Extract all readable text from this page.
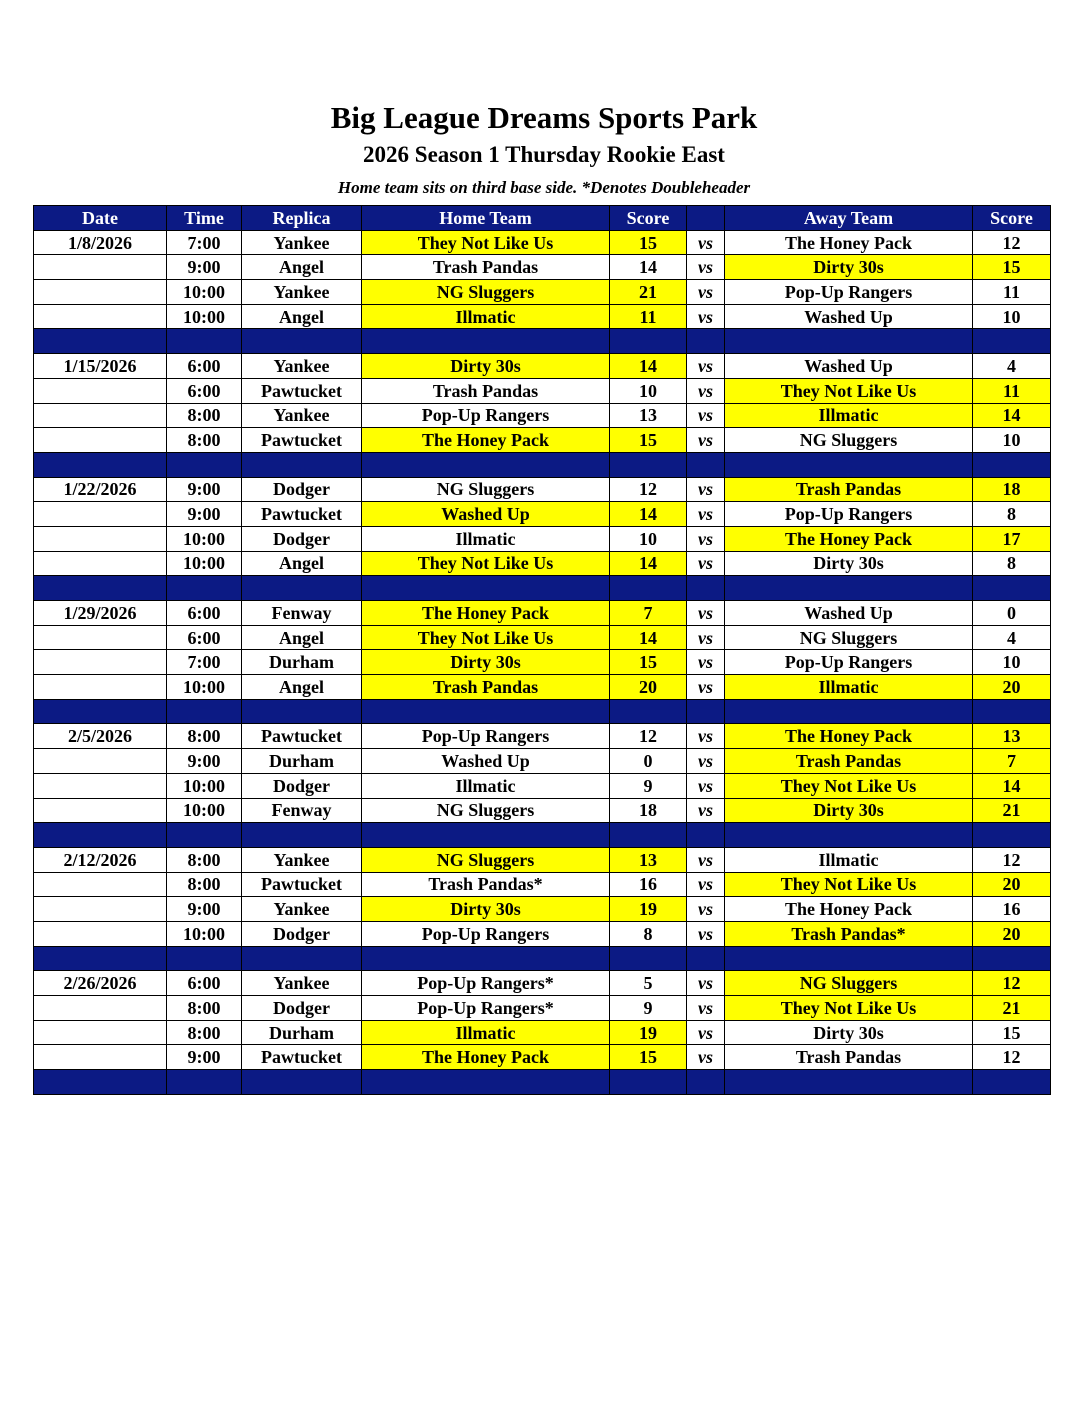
Big League Dreams Sports Park
2026 Season 1 Thursday Rookie East
Home team sits on third base side. *Denotes Doubleheader
Date	Time	Replica	Home Team	Score		Away Team	Score
1/8/2026	7:00	Yankee	They Not Like Us	15	vs	The Honey Pack	12
	9:00	Angel	Trash Pandas	14	vs	Dirty 30s	15
	10:00	Yankee	NG Sluggers	21	vs	Pop-Up Rangers	11
	10:00	Angel	Illmatic	11	vs	Washed Up	10

1/15/2026	6:00	Yankee	Dirty 30s	14	vs	Washed Up	4
	6:00	Pawtucket	Trash Pandas	10	vs	They Not Like Us	11
	8:00	Yankee	Pop-Up Rangers	13	vs	Illmatic	14
	8:00	Pawtucket	The Honey Pack	15	vs	NG Sluggers	10

1/22/2026	9:00	Dodger	NG Sluggers	12	vs	Trash Pandas	18
	9:00	Pawtucket	Washed Up	14	vs	Pop-Up Rangers	8
	10:00	Dodger	Illmatic	10	vs	The Honey Pack	17
	10:00	Angel	They Not Like Us	14	vs	Dirty 30s	8

1/29/2026	6:00	Fenway	The Honey Pack	7	vs	Washed Up	0
	6:00	Angel	They Not Like Us	14	vs	NG Sluggers	4
	7:00	Durham	Dirty 30s	15	vs	Pop-Up Rangers	10
	10:00	Angel	Trash Pandas	20	vs	Illmatic	20

2/5/2026	8:00	Pawtucket	Pop-Up Rangers	12	vs	The Honey Pack	13
	9:00	Durham	Washed Up	0	vs	Trash Pandas	7
	10:00	Dodger	Illmatic	9	vs	They Not Like Us	14
	10:00	Fenway	NG Sluggers	18	vs	Dirty 30s	21

2/12/2026	8:00	Yankee	NG Sluggers	13	vs	Illmatic	12
	8:00	Pawtucket	Trash Pandas*	16	vs	They Not Like Us	20
	9:00	Yankee	Dirty 30s	19	vs	The Honey Pack	16
	10:00	Dodger	Pop-Up Rangers	8	vs	Trash Pandas*	20

2/26/2026	6:00	Yankee	Pop-Up Rangers*	5	vs	NG Sluggers	12
	8:00	Dodger	Pop-Up Rangers*	9	vs	They Not Like Us	21
	8:00	Durham	Illmatic	19	vs	Dirty 30s	15
	9:00	Pawtucket	The Honey Pack	15	vs	Trash Pandas	12
